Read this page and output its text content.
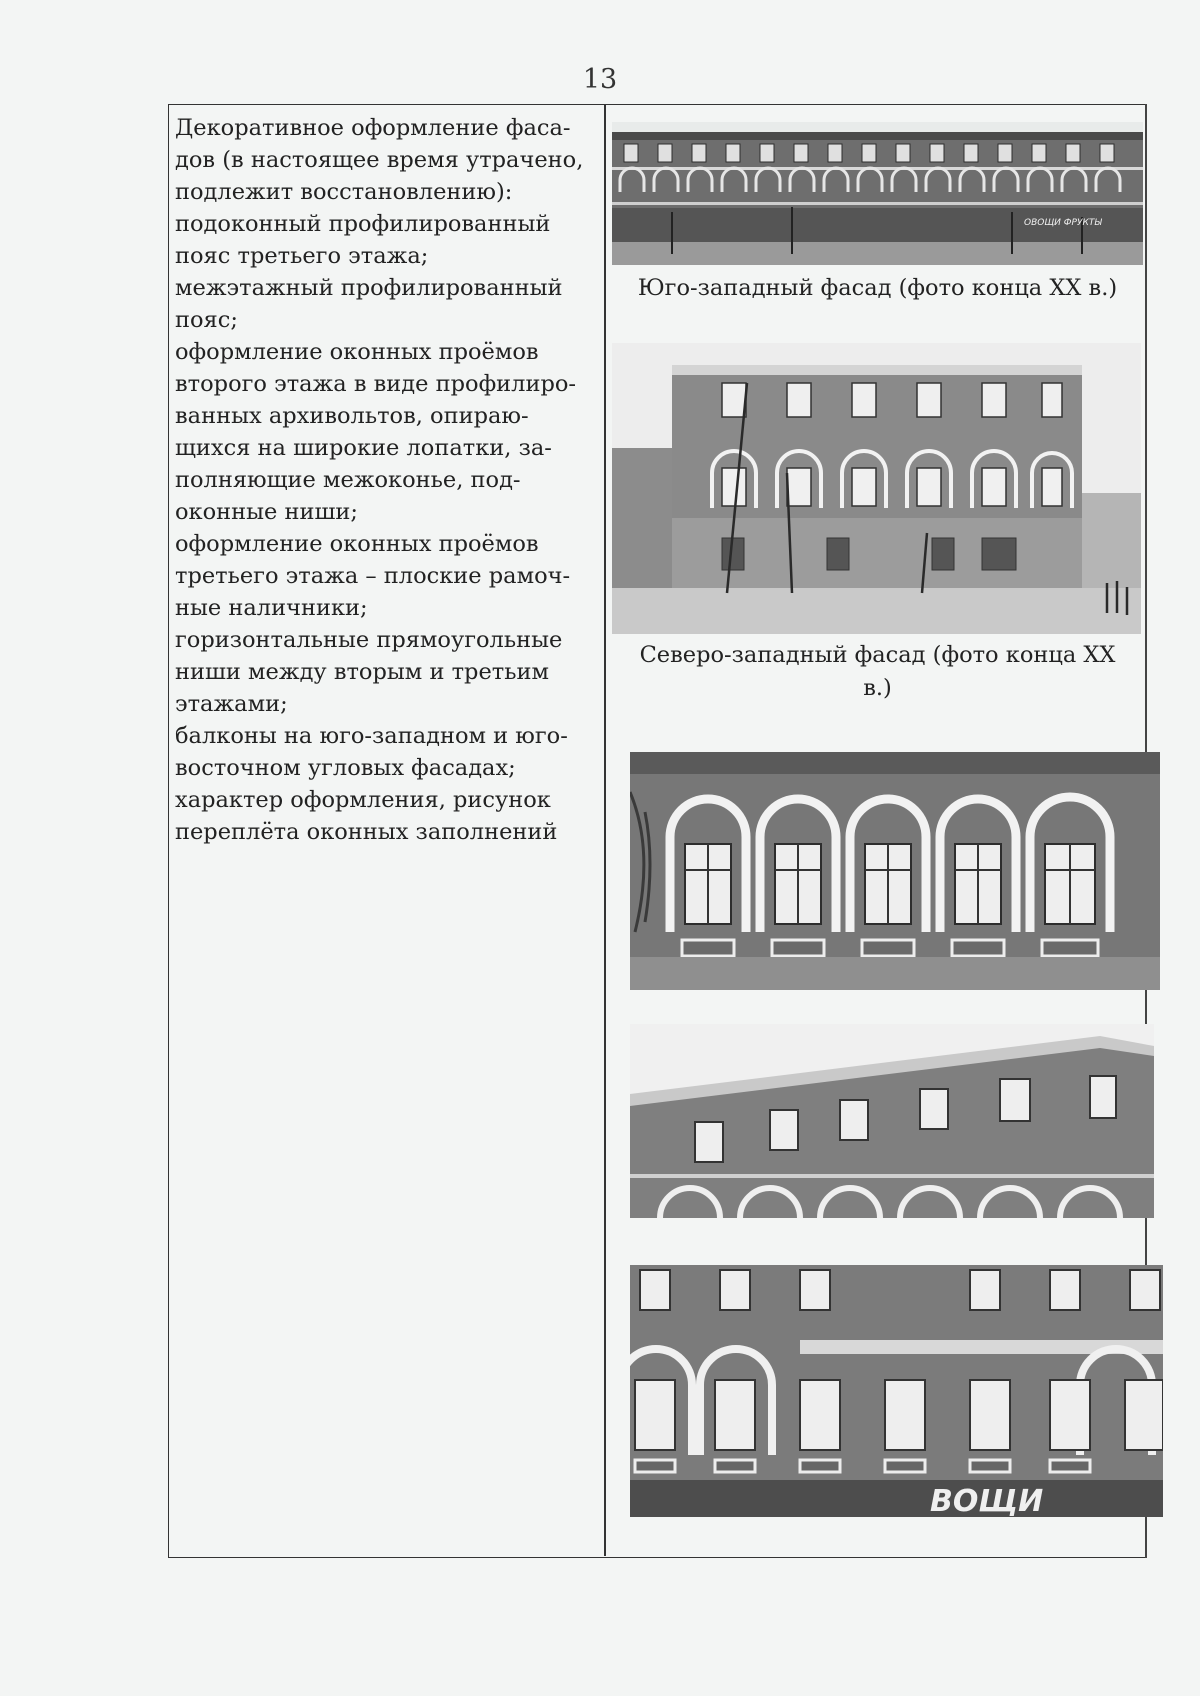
13
Декоративное оформление фаса-
дов (в настоящее время утрачено,
подлежит восстановлению):
подоконный профилированный
пояс третьего этажа;
межэтажный профилированный
пояс;
оформление оконных проёмов
второго этажа в виде профилиро-
ванных архивольтов, опираю-
щихся на широкие лопатки, за-
полняющие межоконье, под-
оконные ниши;
оформление оконных проёмов
третьего этажа – плоские рамоч-
ные наличники;
горизонтальные прямоугольные
ниши между вторым и третьим
этажами;
балконы на юго-западном и юго-
восточном угловых фасадах;
характер оформления, рисунок
переплёта оконных заполнений
ОВОЩИ ФРУКТЫ
Юго-западный фасад (фото конца XX в.)
Северо-западный фасад (фото конца XX
в.)
ВОЩИ
